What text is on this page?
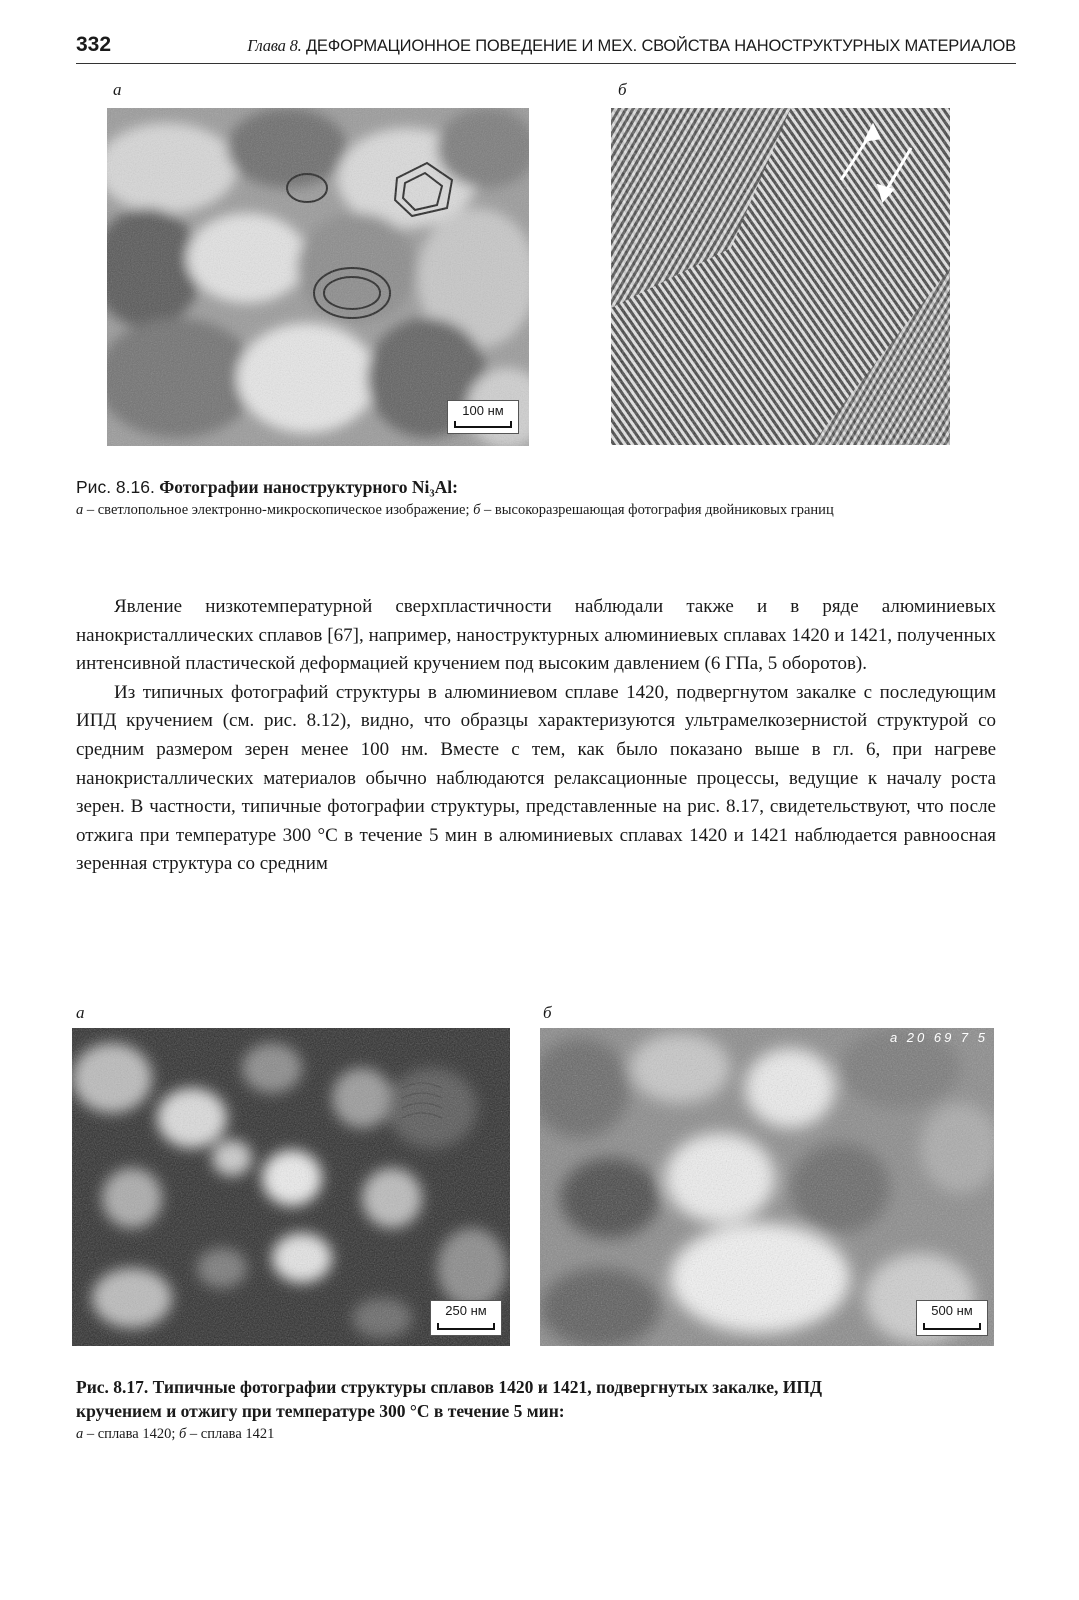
332	Глава 8. ДЕФОРМАЦИОННОЕ ПОВЕДЕНИЕ И МЕХ. СВОЙСТВА НАНОСТРУКТУРНЫХ МАТЕРИАЛОВ
а	б
100 нм
Рис. 8.16. Фотографии наноструктурного Ni₃Al:
а – светлопольное электронно-микроскопическое изображение; б – высокоразрешающая фотография двойниковых границ

Явление низкотемпературной сверхпластичности наблюдали также и в ряде алюминиевых нанокристаллических сплавов [67], например, наноструктурных алюминиевых сплавах 1420 и 1421, полученных интенсивной пластической деформацией кручением под высоким давлением (6 ГПа, 5 оборотов).

Из типичных фотографий структуры в алюминиевом сплаве 1420, подвергнутом закалке с последующим ИПД кручением (см. рис. 8.12), видно, что образцы характеризуются ультрамелкозернистой структурой со средним размером зерен менее 100 нм. Вместе с тем, как было показано выше в гл. 6, при нагреве нанокристаллических материалов обычно наблюдаются релаксационные процессы, ведущие к началу роста зерен. В частности, типичные фотографии структуры, представленные на рис. 8.17, свидетельствуют, что после отжига при температуре 300 °С в течение 5 мин в алюминиевых сплавах 1420 и 1421 наблюдается равноосная зеренная структура со средним

а	б
250 нм
a 20 69 7 5
500 нм
Рис. 8.17. Типичные фотографии структуры сплавов 1420 и 1421, подвергнутых закалке, ИПД
кручением и отжигу при температуре 300 °С в течение 5 мин:
а – сплава 1420; б – сплава 1421
